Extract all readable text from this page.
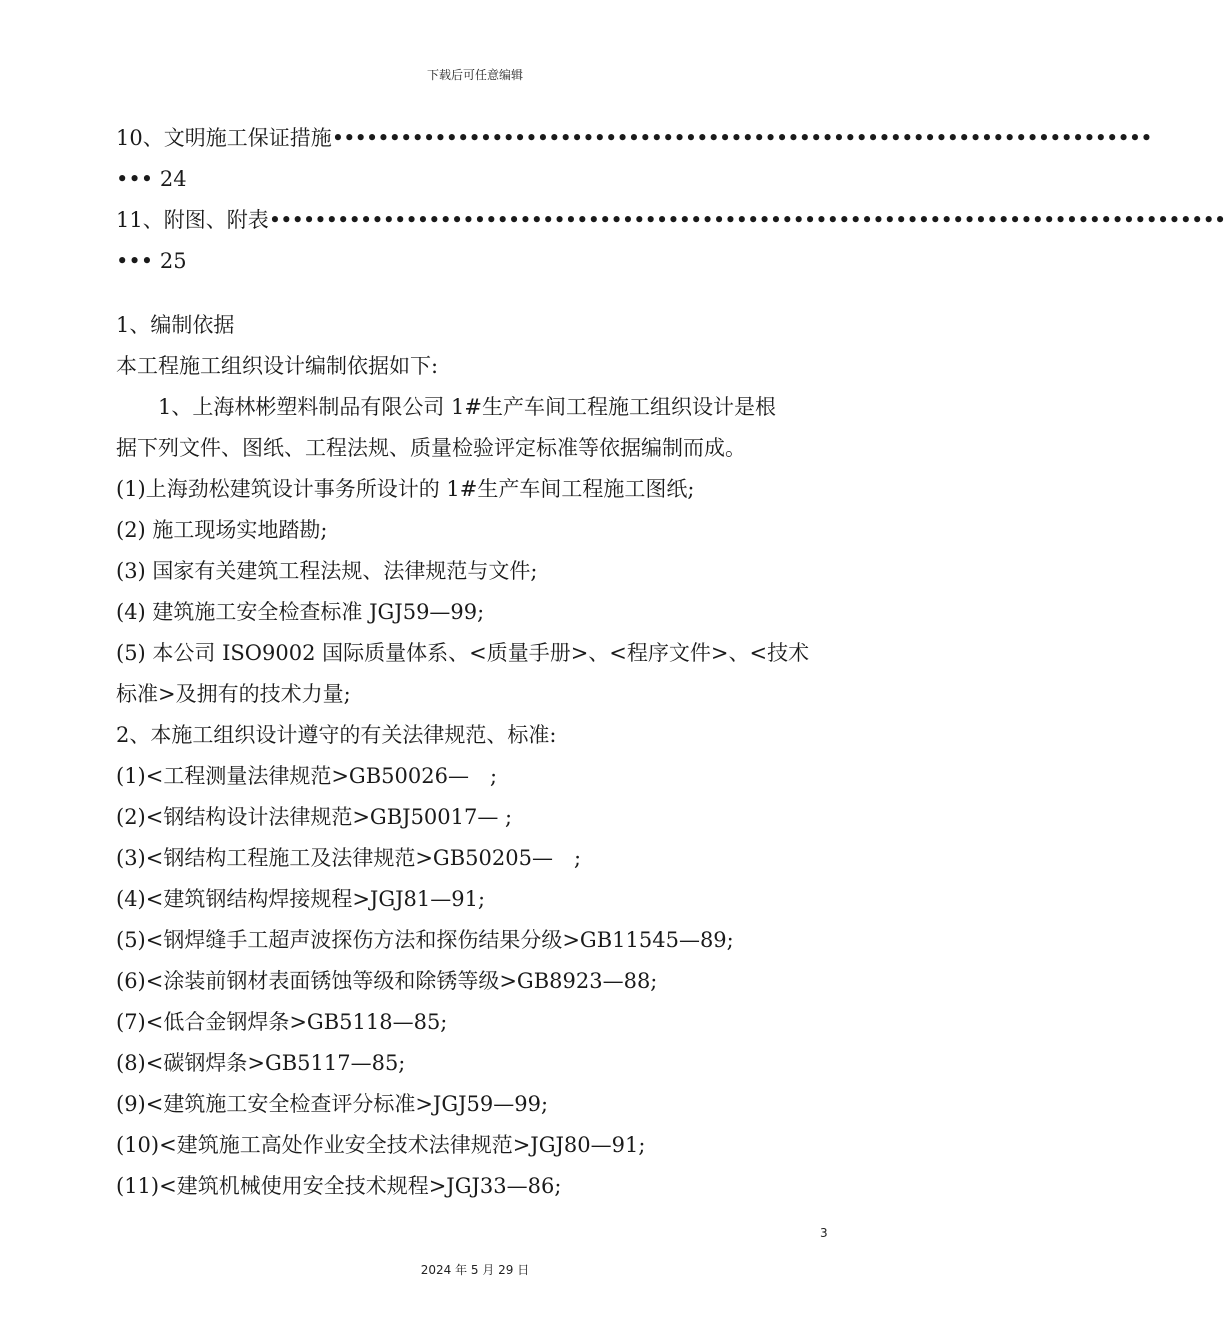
下载后可任意编辑
10、文明施工保证措施••••••••••••••••••••••••••••••••••••••••••••••••••••••••••••••••••••••••
••• 24
11、附图、附表••••••••••••••••••••••••••••••••••••••••••••••••••••••••••••••••••••••••••••••••••••
••• 25
1、编制依据
本工程施工组织设计编制依据如下:
1、上海林彬塑料制品有限公司 1#生产车间工程施工组织设计是根
据下列文件、图纸、工程法规、质量检验评定标准等依据编制而成。
(1)上海劲松建筑设计事务所设计的 1#生产车间工程施工图纸;
(2) 施工现场实地踏勘;
(3) 国家有关建筑工程法规、法律规范与文件;
(4) 建筑施工安全检查标准 JGJ59—99;
(5) 本公司 ISO9002 国际质量体系、<质量手册>、<程序文件>、<技术
标准>及拥有的技术力量;
2、本施工组织设计遵守的有关法律规范、标准:
(1)<工程测量法律规范>GB50026—　;
(2)<钢结构设计法律规范>GBJ50017— ;
(3)<钢结构工程施工及法律规范>GB50205—　;
(4)<建筑钢结构焊接规程>JGJ81—91;
(5)<钢焊缝手工超声波探伤方法和探伤结果分级>GB11545—89;
(6)<涂装前钢材表面锈蚀等级和除锈等级>GB8923—88;
(7)<低合金钢焊条>GB5118—85;
(8)<碳钢焊条>GB5117—85;
(9)<建筑施工安全检查评分标准>JGJ59—99;
(10)<建筑施工高处作业安全技术法律规范>JGJ80—91;
(11)<建筑机械使用安全技术规程>JGJ33—86;
3
2024 年 5 月 29 日
